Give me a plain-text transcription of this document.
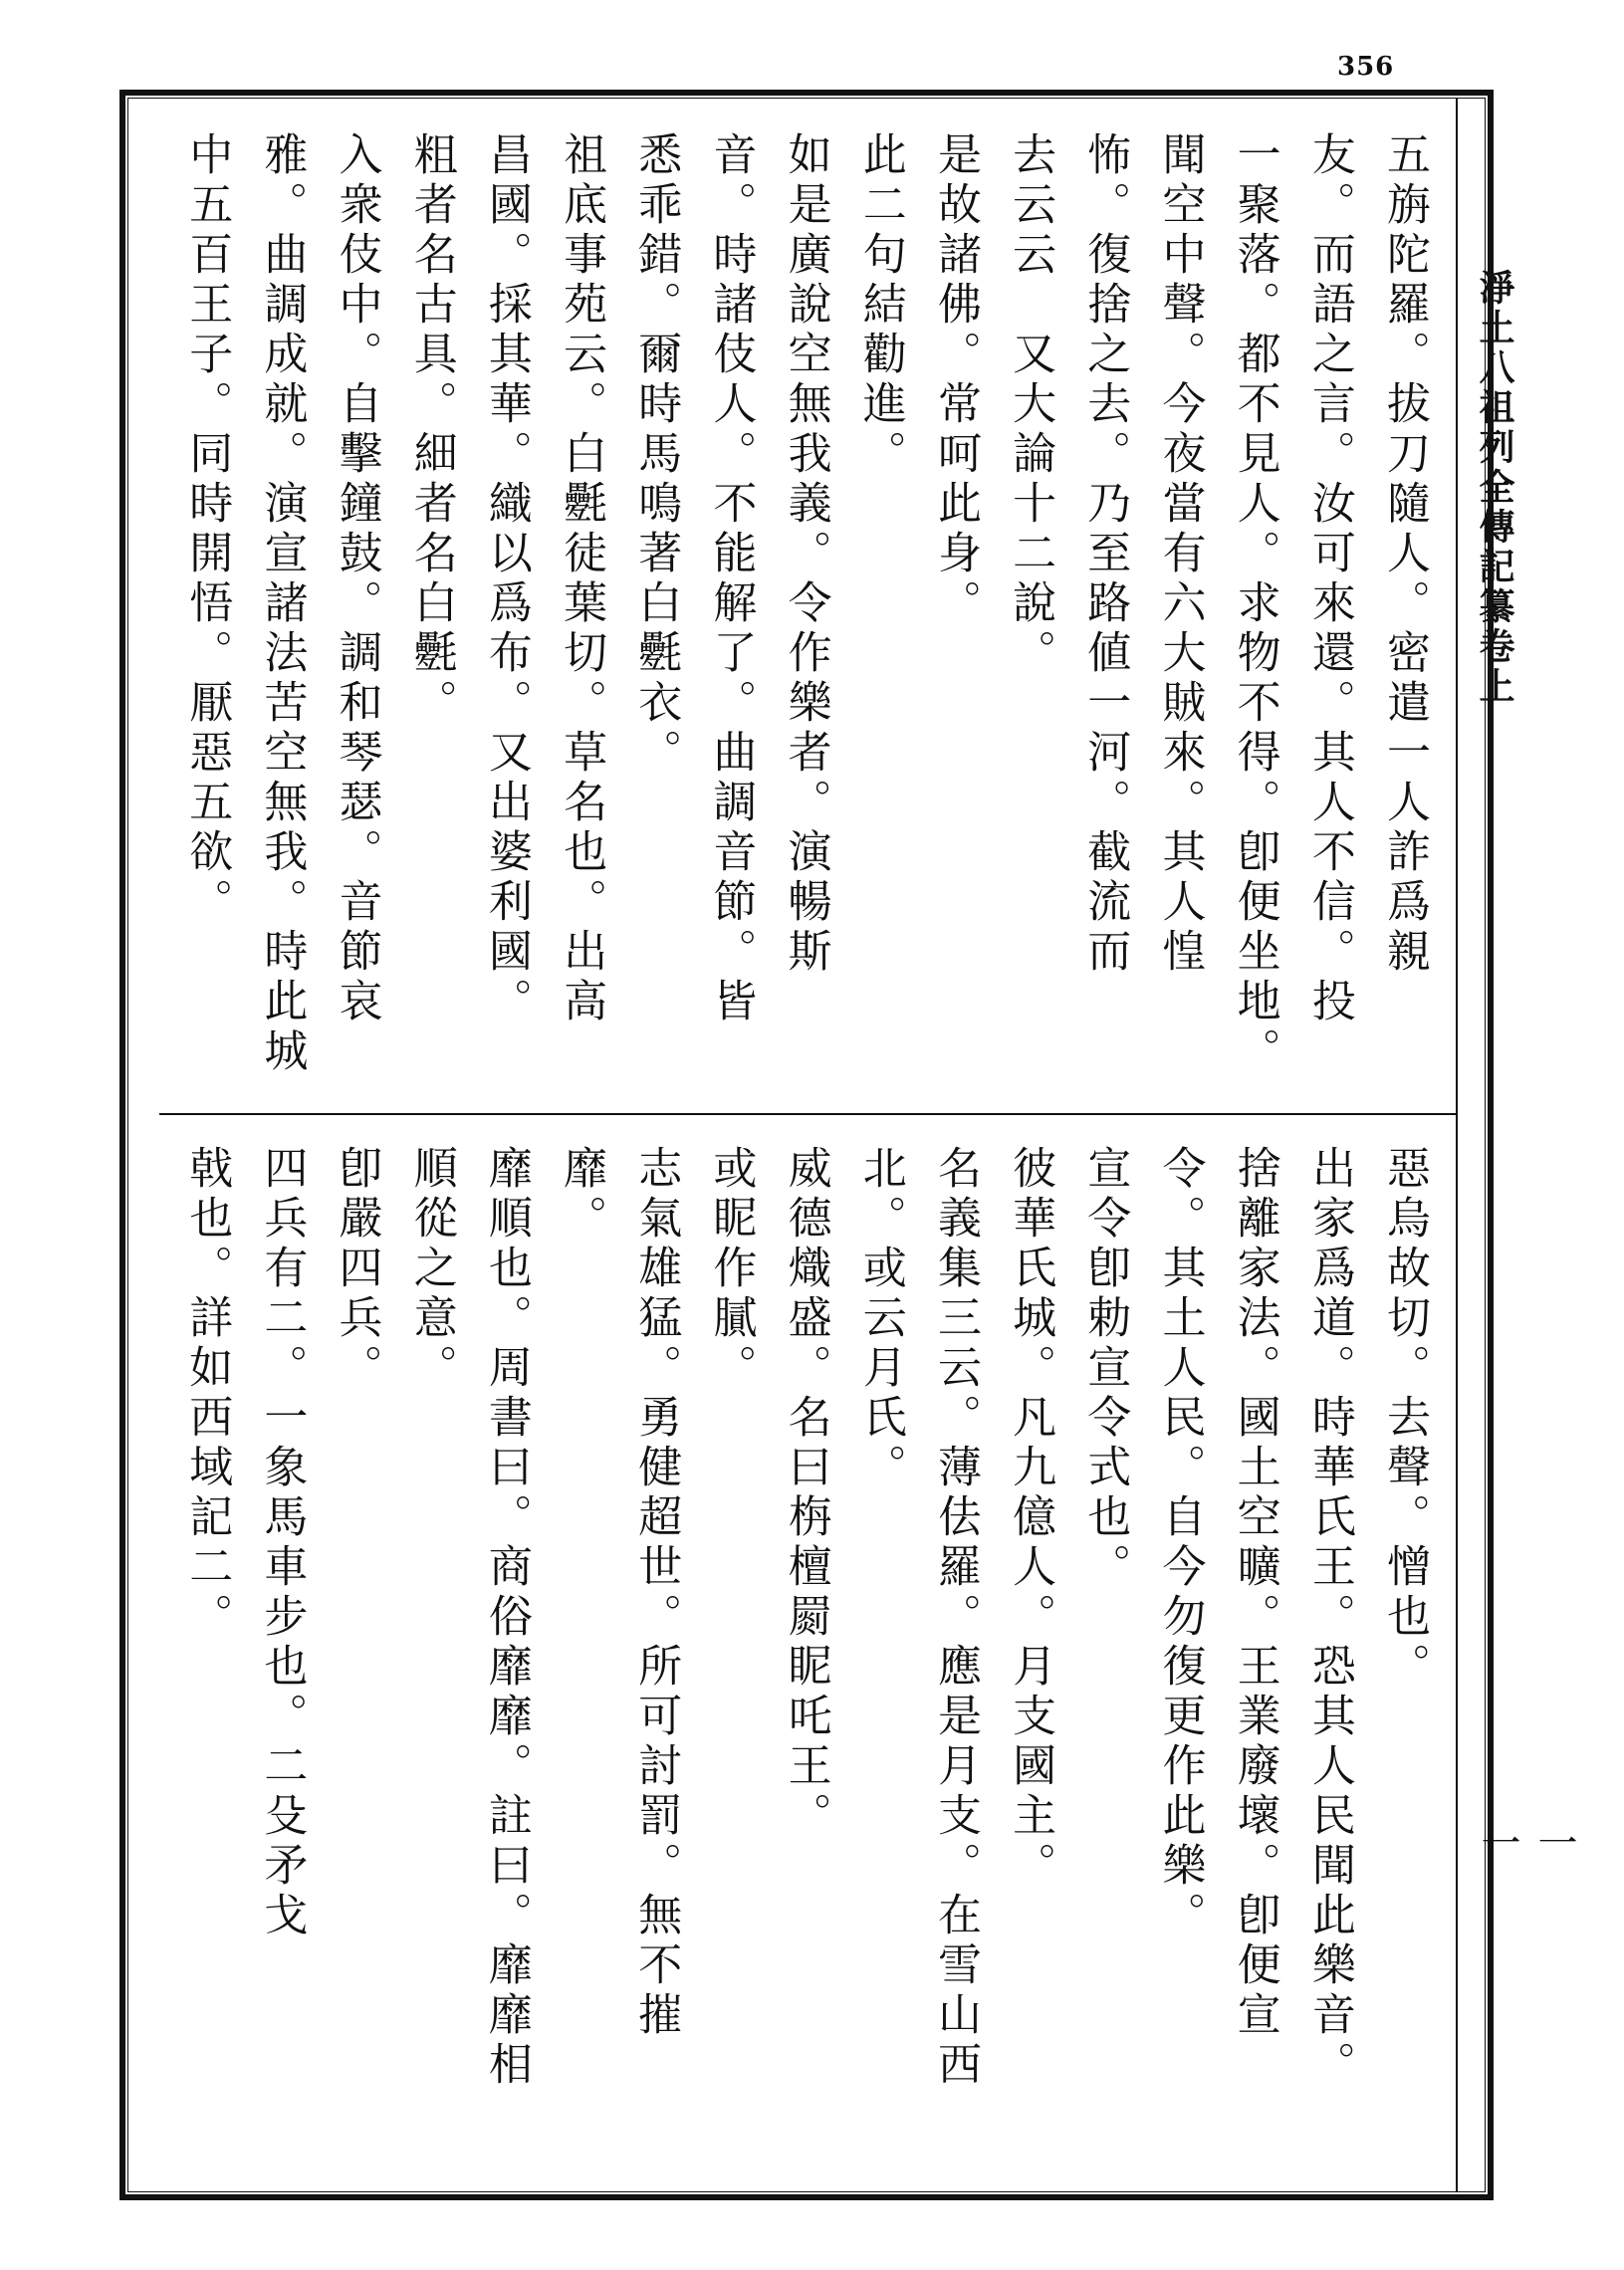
356
淨土八祖列全傳記纂卷上
一一
五旃陀羅。拔刀隨人。密遣一人詐爲親
友。而語之言。汝可來還。其人不信。投
一聚落。都不見人。求物不得。卽便坐地。
聞空中聲。今夜當有六大賊來。其人惶
怖。復捨之去。乃至路値一河。截流而
去云云　又大論十二說。
是故諸佛。常呵此身。
此二句結勸進。
如是廣說空無我義。令作樂者。演暢斯
音。時諸伎人。不能解了。曲調音節。皆
悉乖錯。爾時馬鳴著白氎衣。
祖底事苑云。白氎徒葉切。草名也。出高
昌國。採其華。織以爲布。又出婆利國。
粗者名古具。細者名白氎。
入衆伎中。自擊鐘鼓。調和琴瑟。音節哀
雅。曲調成就。演宣諸法苦空無我。時此城
中五百王子。同時開悟。厭惡五欲。
惡烏故切。去聲。憎也。
出家爲道。時華氏王。恐其人民聞此樂音。
捨離家法。國土空曠。王業廢壞。卽便宣
令。其土人民。自今勿復更作此樂。
宣令卽勅宣令式也。
彼華氏城。凡九億人。月支國主。
名義集三云。薄佉羅。應是月支。在雪山西
北。或云月氏。
威德熾盛。名曰栴檀罽眤吒王。
或眤作膩。
志氣雄猛。勇健超世。所可討罰。無不摧
靡。
靡順也。周書曰。商俗靡靡。註曰。靡靡相
順從之意。
卽嚴四兵。
四兵有二。一象馬車步也。二殳矛戈
戟也。詳如西域記二。
